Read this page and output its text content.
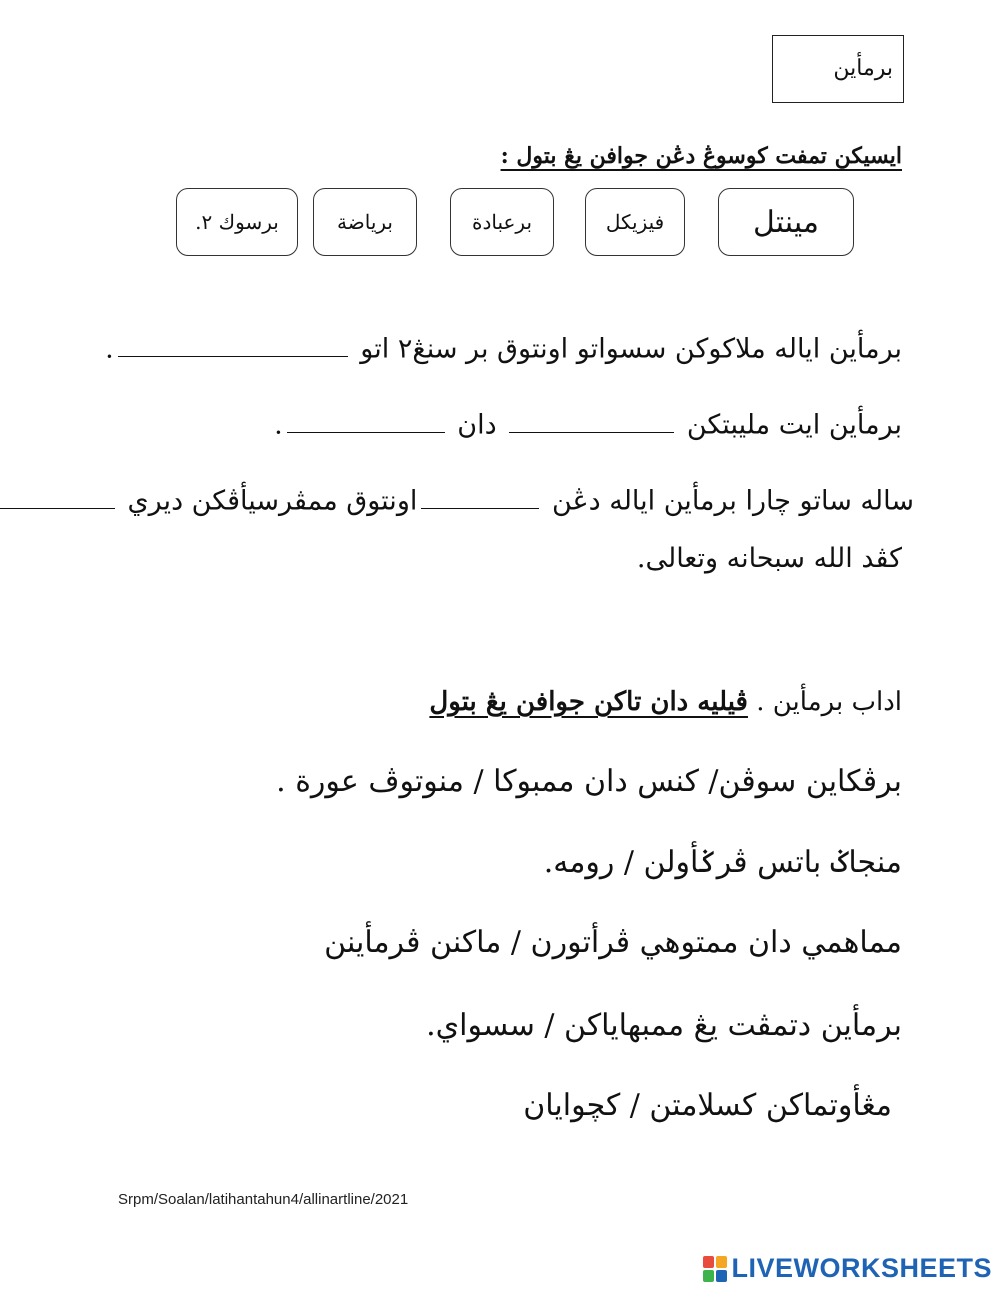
برمأين
ايسيكن تمفت كوسوڠ دڠن جوافن يڠ بتول :
مينتل
فيزيكل
برعبادة
برياضة
برسوك ٢.
برمأين اياله ملاكوكن سسواتو اونتوق بر سنڠ٢ اتو .
برمأين ايت مليبتكن  دان .
ساله ساتو چارا برمأين اياله دڠن اونتوق ممڤرسيأڤكن ديري
كڤد الله سبحانه وتعالى.
اداب برمأين . ڤيليه دان تاكن جوافن يڠ بتول
برڤكاين سوڤن/ كنس دان ممبوكا / منوتوڤ عورة .
منجاݢ باتس ڤرݢأولن / رومه.
مماهمي دان ممتوهي ڤرأتورن / ماكنن ڤرمأينن
برمأين دتمڤت يڠ ممبهاياكن / سسواي.
مڠأوتماكن كسلامتن / كچوايان
Srpm/Soalan/latihantahun4/allinartline/2021
LIVEWORKSHEETS
